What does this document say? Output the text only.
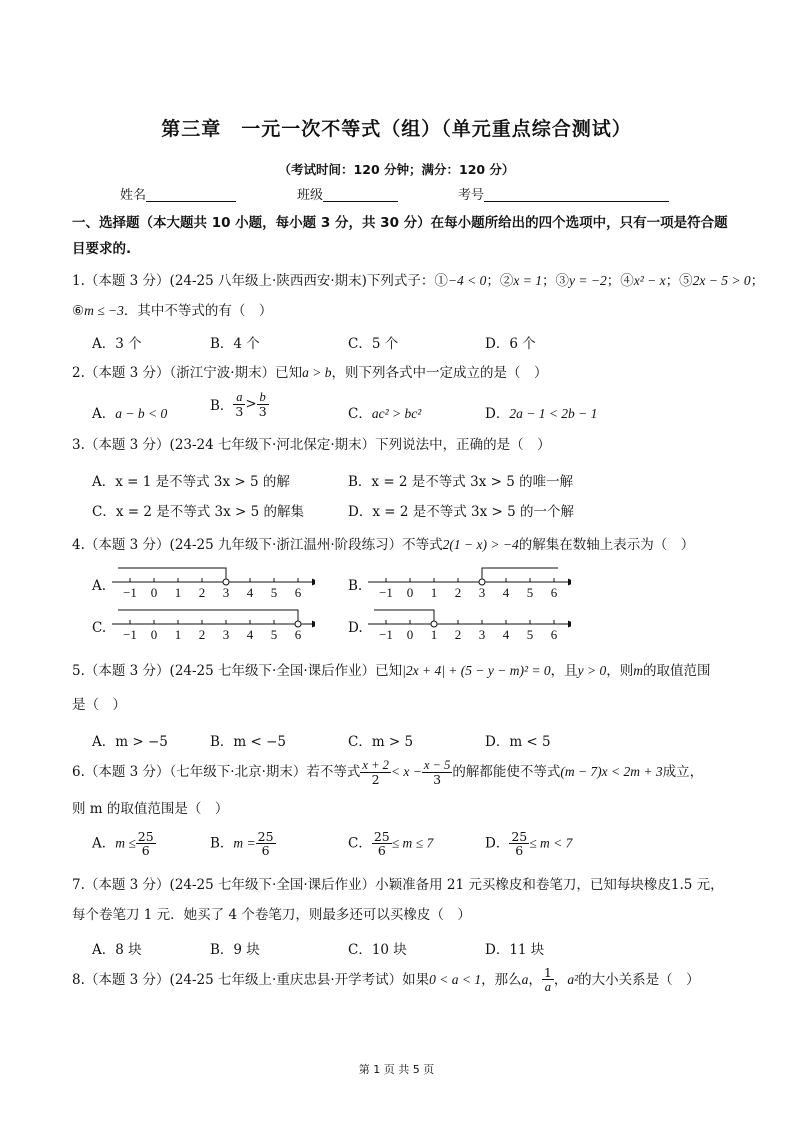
第三章　一元一次不等式（组）（单元重点综合测试）
（考试时间：120 分钟；满分：120 分）
姓名	班级	考号
一、选择题（本大题共 10 小题，每小题 3 分，共 30 分）在每小题所给出的四个选项中，只有一项是符合题目要求的.
1.（本题 3 分）(24-25 八年级上·陕西西安·期末)下列式子：①−4 < 0；②x = 1；③y = −2；④x² − x；⑤2x − 5 > 0；
⑥m ≤ −3．其中不等式的有（　）
A．3 个	B．4 个	C．5 个	D．6 个
2.（本题 3 分）（浙江宁波·期末）已知a > b，则下列各式中一定成立的是（　）
A．a − b < 0	B． $\frac{a}{3} > \frac{b}{3}$	C．ac² > bc²	D．2a − 1 < 2b − 1
3.（本题 3 分）(23-24 七年级下·河北保定·期末）下列说法中，正确的是（　）
A．x = 1 是不等式 3x > 5 的解	B．x = 2 是不等式 3x > 5 的唯一解
C．x = 2 是不等式 3x > 5 的解集	D．x = 2 是不等式 3x > 5 的一个解
4.（本题 3 分）(24-25 九年级下·浙江温州·阶段练习）不等式2(1 − x) > −4的解集在数轴上表示为（　）
A.	B.
C.	D.
−1 0 1 2 3 4 5 6	−1 0 1 2 3 4 5 6
−1 0 1 2 3 4 5 6	−1 0 1 2 3 4 5 6
5.（本题 3 分）(24-25 七年级下·全国·课后作业）已知|2x + 4| + (5 − y − m)² = 0，且y > 0，则m的取值范围
是（　）
A．m > −5	B．m < −5	C．m > 5	D．m < 5
6.（本题 3 分）（七年级下·北京·期末）若不等式 $\frac{x + 2}{2} < x - \frac{x - 5}{3}$ 的解都能使不等式(m − 7)x < 2m + 3成立，
则 m 的取值范围是（　）
A．$m \le \frac{25}{6}$	B．$m = \frac{25}{6}$	C． $\frac{25}{6} \le m \le 7$	D． $\frac{25}{6} \le m < 7$
7.（本题 3 分）(24-25 七年级下·全国·课后作业）小颖准备用 21 元买橡皮和卷笔刀，已知每块橡皮1.5 元，
每个卷笔刀 1 元．她买了 4 个卷笔刀，则最多还可以买橡皮（　）
A．8 块	B．9 块	C．10 块	D．11 块
8.（本题 3 分）(24-25 七年级上·重庆忠县·开学考试）如果0 < a < 1，那么a， $\frac{1}{a}$ ，a²的大小关系是（　）
第 1 页 共 5 页
